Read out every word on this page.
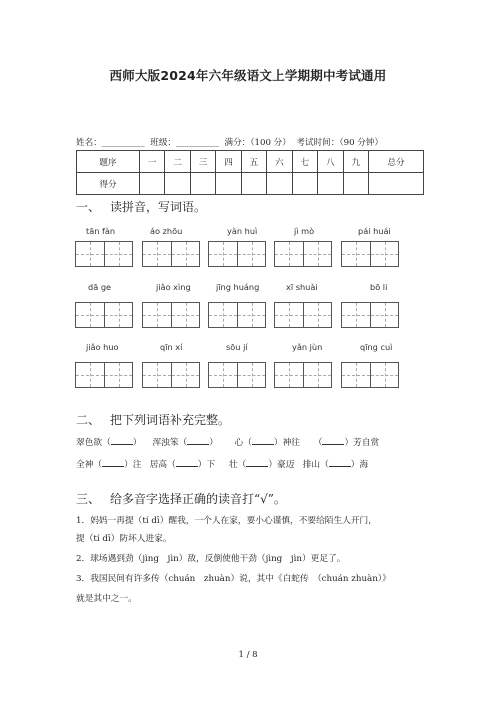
西师大版2024年六年级语文上学期期中考试通用
姓名：__________ 班级：__________ 满分：（100 分） 考试时间：（90 分钟）
题序	一	二	三	四	五	六	七	八	九	总分
得分										
一、 读拼音，写词语。
tān fàn	áo zhōu	yàn huì	jì mò	pái huái
dā ge	jiǎo xìng	jīng huáng	xī shuài	bō li
jiǎo huo	qīn xí	sōu jí	yǎn jùn	qīng cuì
二、 把下列词语补充完整。
翠色欲（	） 浑浊笨（	） 心（	）神往 （	）芳自赏
全神（	）注 居高（	）下 壮（	）豪迈 排山（	）海
三、 给多音字选择正确的读音打“√”。
1．妈妈一再提（tí dī）醒我，一个人在家，要小心谨慎，不要给陌生人开门，
提（tí dī）防坏人进家。
2．球场遇到劲（jìng　jìn）敌，反倒使他干劲（jìng　jìn）更足了。
3．我国民间有许多传（chuán　zhuàn）说，其中《白蛇传　（chuán zhuàn）》
就是其中之一。
1 / 8
